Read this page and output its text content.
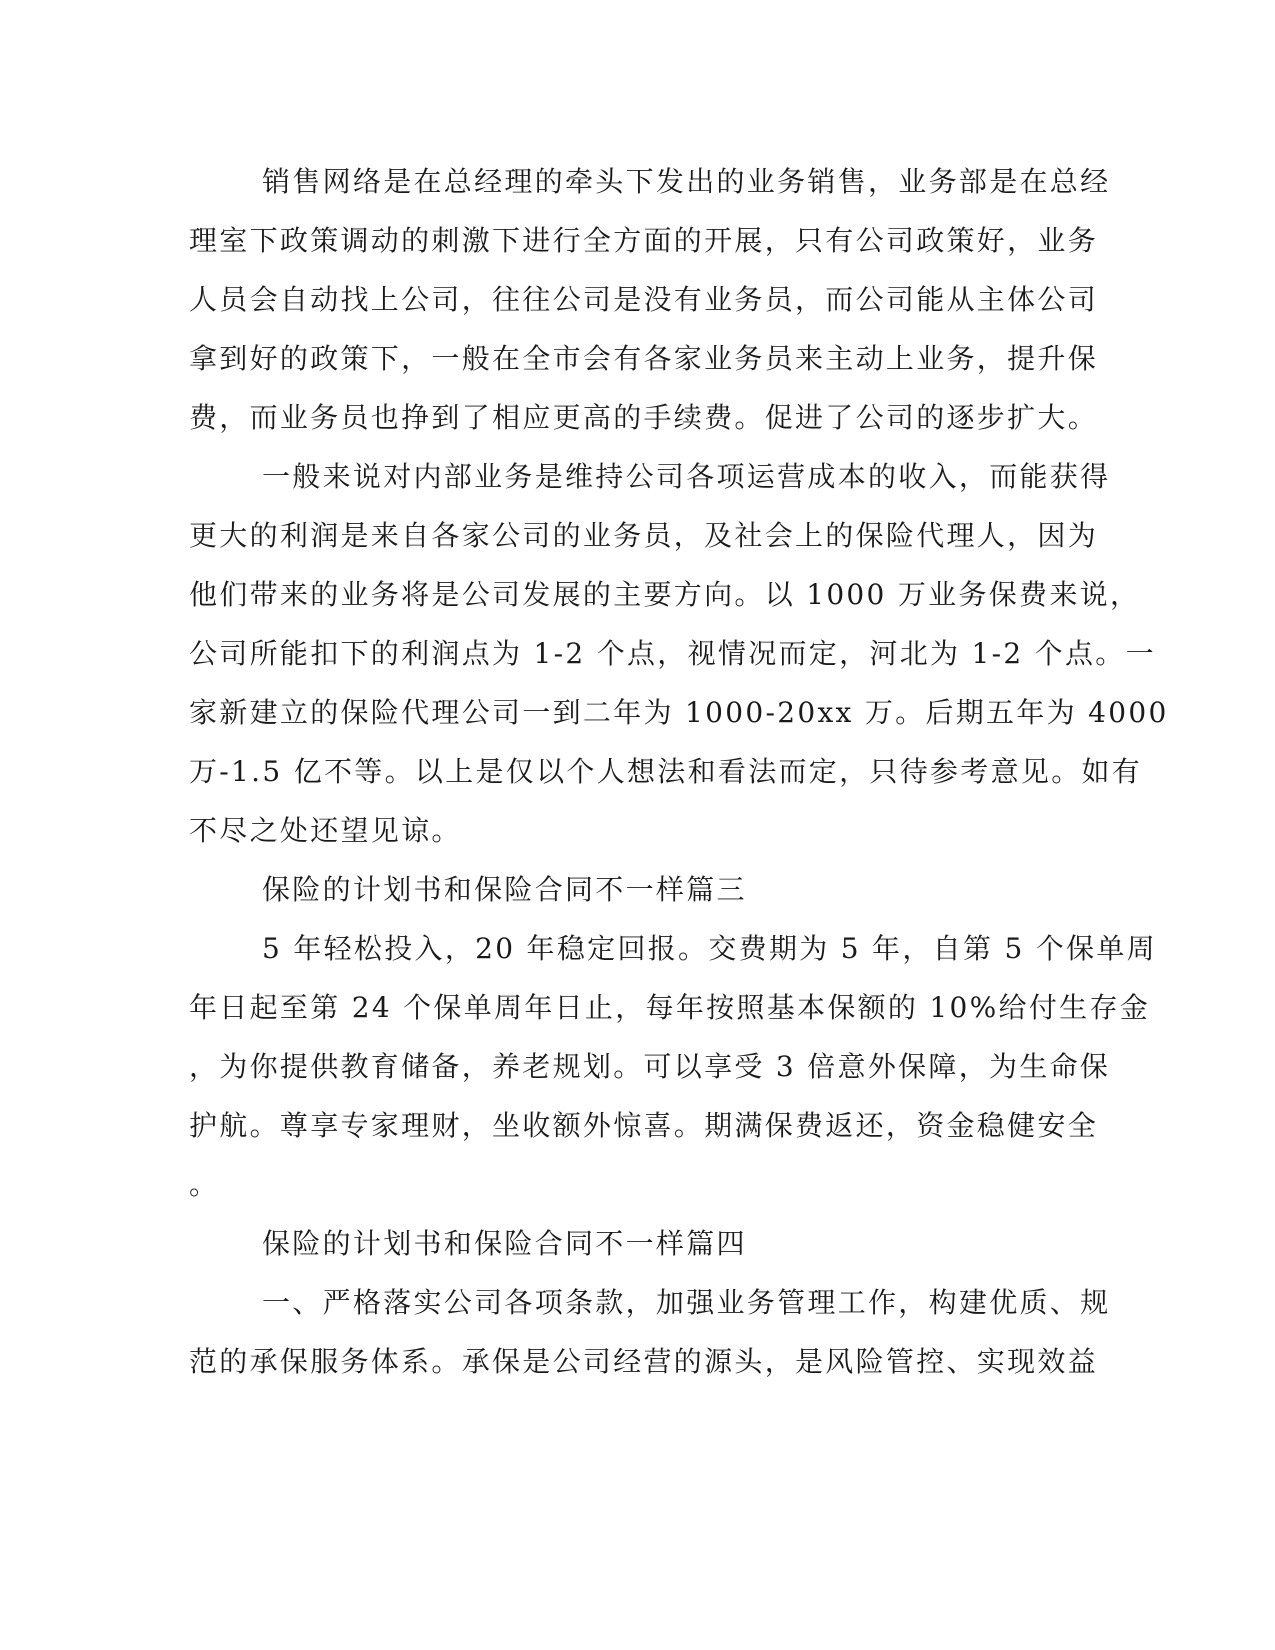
销售网络是在总经理的牵头下发出的业务销售，业务部是在总经
理室下政策调动的刺激下进行全方面的开展，只有公司政策好，业务
人员会自动找上公司，往往公司是没有业务员，而公司能从主体公司
拿到好的政策下，一般在全市会有各家业务员来主动上业务，提升保
费，而业务员也挣到了相应更高的手续费。促进了公司的逐步扩大。
一般来说对内部业务是维持公司各项运营成本的收入，而能获得
更大的利润是来自各家公司的业务员，及社会上的保险代理人，因为
他们带来的业务将是公司发展的主要方向。以 1000 万业务保费来说，
公司所能扣下的利润点为 1-2 个点，视情况而定，河北为 1-2 个点。一
家新建立的保险代理公司一到二年为 1000-20xx 万。后期五年为 4000
万-1.5 亿不等。以上是仅以个人想法和看法而定，只待参考意见。如有
不尽之处还望见谅。
保险的计划书和保险合同不一样篇三
5 年轻松投入，20 年稳定回报。交费期为 5 年，自第 5 个保单周
年日起至第 24 个保单周年日止，每年按照基本保额的 10%给付生存金
，为你提供教育储备，养老规划。可以享受 3 倍意外保障，为生命保
护航。尊享专家理财，坐收额外惊喜。期满保费返还，资金稳健安全
。
保险的计划书和保险合同不一样篇四
一、严格落实公司各项条款，加强业务管理工作，构建优质、规
范的承保服务体系。承保是公司经营的源头，是风险管控、实现效益
